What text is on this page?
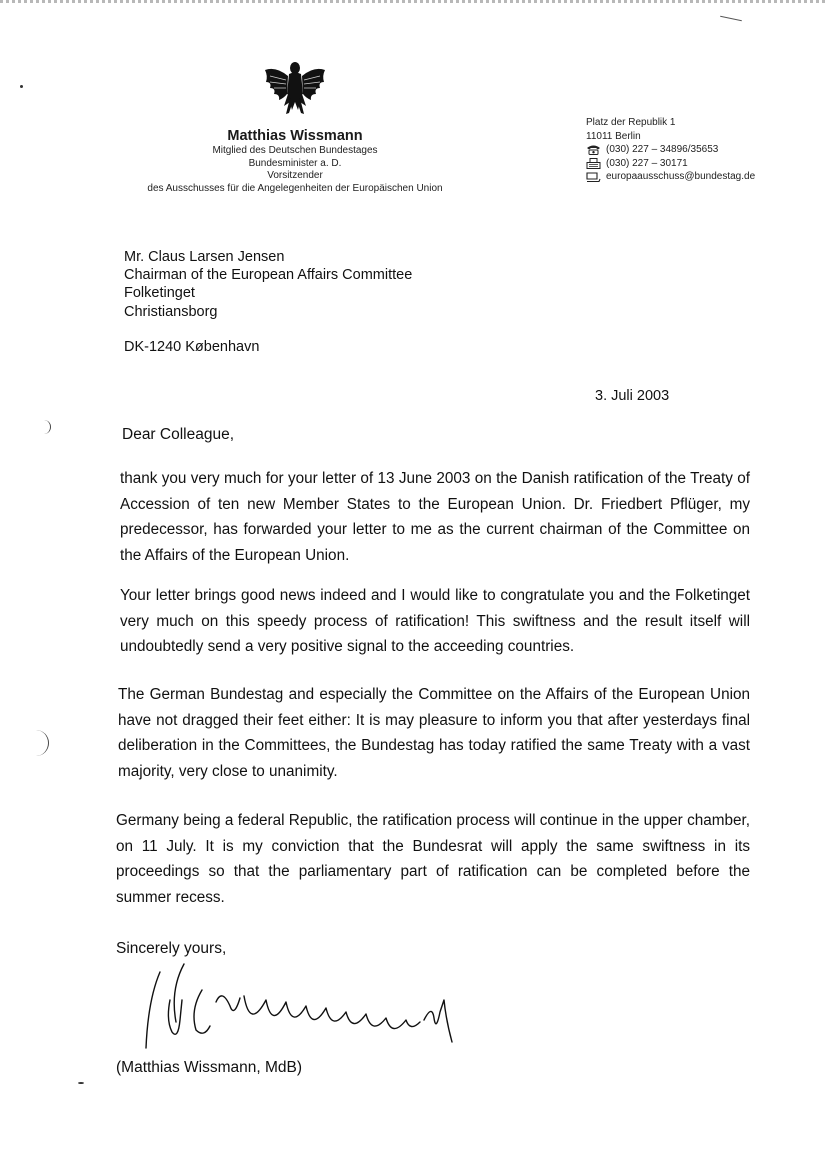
Matthias Wissmann
Mitglied des Deutschen Bundestages
Bundesminister a. D.
Vorsitzender
des Ausschusses für die Angelegenheiten der Europäischen Union
Platz der Republik 1
11011 Berlin
(030) 227 – 34896/35653
(030) 227 – 30171
europaausschuss@bundestag.de
Mr. Claus Larsen Jensen
Chairman of the European Affairs Committee
Folketinget
Christiansborg
DK-1240 København
3. Juli 2003
Dear Colleague,
thank you very much for your letter of 13 June 2003 on the Danish ratification of the Treaty of Accession of ten new Member States to the European Union. Dr. Friedbert Pflüger, my predecessor, has forwarded your letter to me as the current chairman of the Committee on the Affairs of the European Union.
Your letter brings good news indeed and I would like to congratulate you and the Folketinget very much on this speedy process of ratification! This swiftness and the result itself will undoubtedly send a very positive signal to the acceeding countries.
The German Bundestag and especially the Committee on the Affairs of the European Union have not dragged their feet either: It is may pleasure to inform you that after yesterdays final deliberation in the Committees, the Bundestag has today ratified the same Treaty with a vast majority, very close to unanimity.
Germany being a federal Republic, the ratification process will continue in the upper chamber, on 11 July. It is my conviction that the Bundesrat will apply the same swiftness in its proceedings so that the parliamentary part of ratification can be completed before the summer recess.
Sincerely yours,
(Matthias Wissmann, MdB)
